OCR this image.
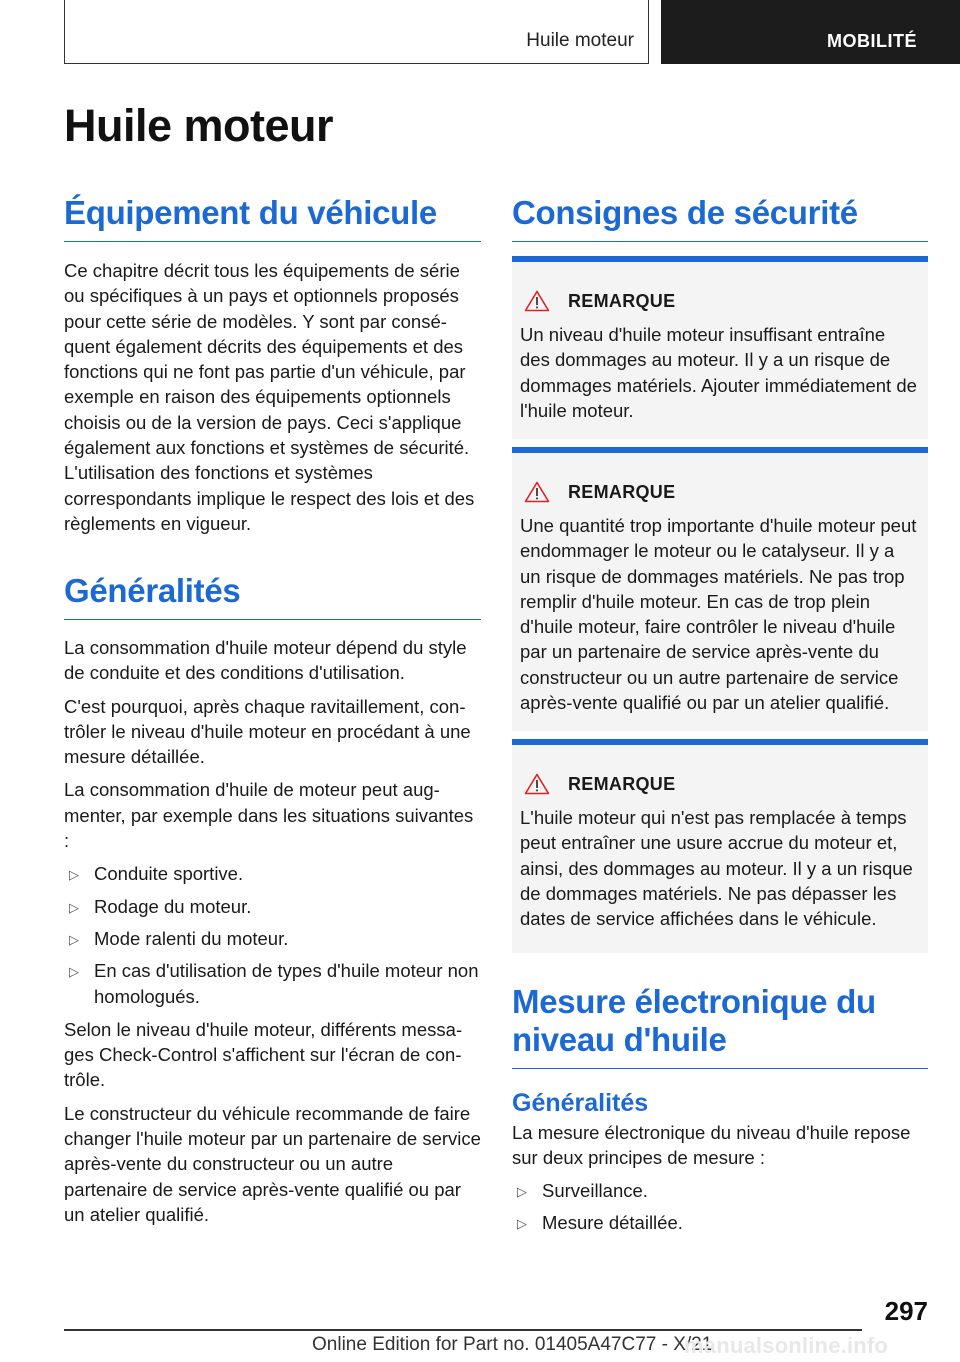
Huile moteur	MOBILITÉ
Huile moteur
Équipement du véhicule

Ce chapitre décrit tous les équipements de série ou spécifiques à un pays et optionnels proposés pour cette série de modèles. Y sont par conséquent également décrits des équipements et des fonctions qui ne font pas partie d'un véhicule, par exemple en raison des équipements optionnels choisis ou de la version de pays. Ceci s'applique également aux fonctions et systèmes de sécurité. L'utilisation des fonctions et systèmes correspondants implique le respect des lois et des règlements en vigueur.

Généralités

La consommation d'huile moteur dépend du style de conduite et des conditions d'utilisation.

C'est pourquoi, après chaque ravitaillement, contrôler le niveau d'huile moteur en procédant à une mesure détaillée.

La consommation d'huile de moteur peut augmenter, par exemple dans les situations suivantes :

▷ Conduite sportive.
▷ Rodage du moteur.
▷ Mode ralenti du moteur.
▷ En cas d'utilisation de types d'huile moteur non homologués.

Selon le niveau d'huile moteur, différents messages Check-Control s'affichent sur l'écran de contrôle.

Le constructeur du véhicule recommande de faire changer l'huile moteur par un partenaire de service après-vente du constructeur ou un autre partenaire de service après-vente qualifié ou par un atelier qualifié.

Consignes de sécurité
REMARQUE

Un niveau d'huile moteur insuffisant entraîne des dommages au moteur. Il y a un risque de dommages matériels. Ajouter immédiatement de l'huile moteur.

REMARQUE

Une quantité trop importante d'huile moteur peut endommager le moteur ou le catalyseur. Il y a un risque de dommages matériels. Ne pas trop remplir d'huile moteur. En cas de trop plein d'huile moteur, faire contrôler le niveau d'huile par un partenaire de service après-vente du constructeur ou un autre partenaire de service après-vente qualifié ou par un atelier qualifié.

REMARQUE

L'huile moteur qui n'est pas remplacée à temps peut entraîner une usure accrue du moteur et, ainsi, des dommages au moteur. Il y a un risque de dommages matériels. Ne pas dépasser les dates de service affichées dans le véhicule.

Mesure électronique du niveau d'huile
Généralités

La mesure électronique du niveau d'huile repose sur deux principes de mesure :

▷ Surveillance.
▷ Mesure détaillée.
297
Online Edition for Part no. 01405A47C77 - X/21
manualsonline.info
